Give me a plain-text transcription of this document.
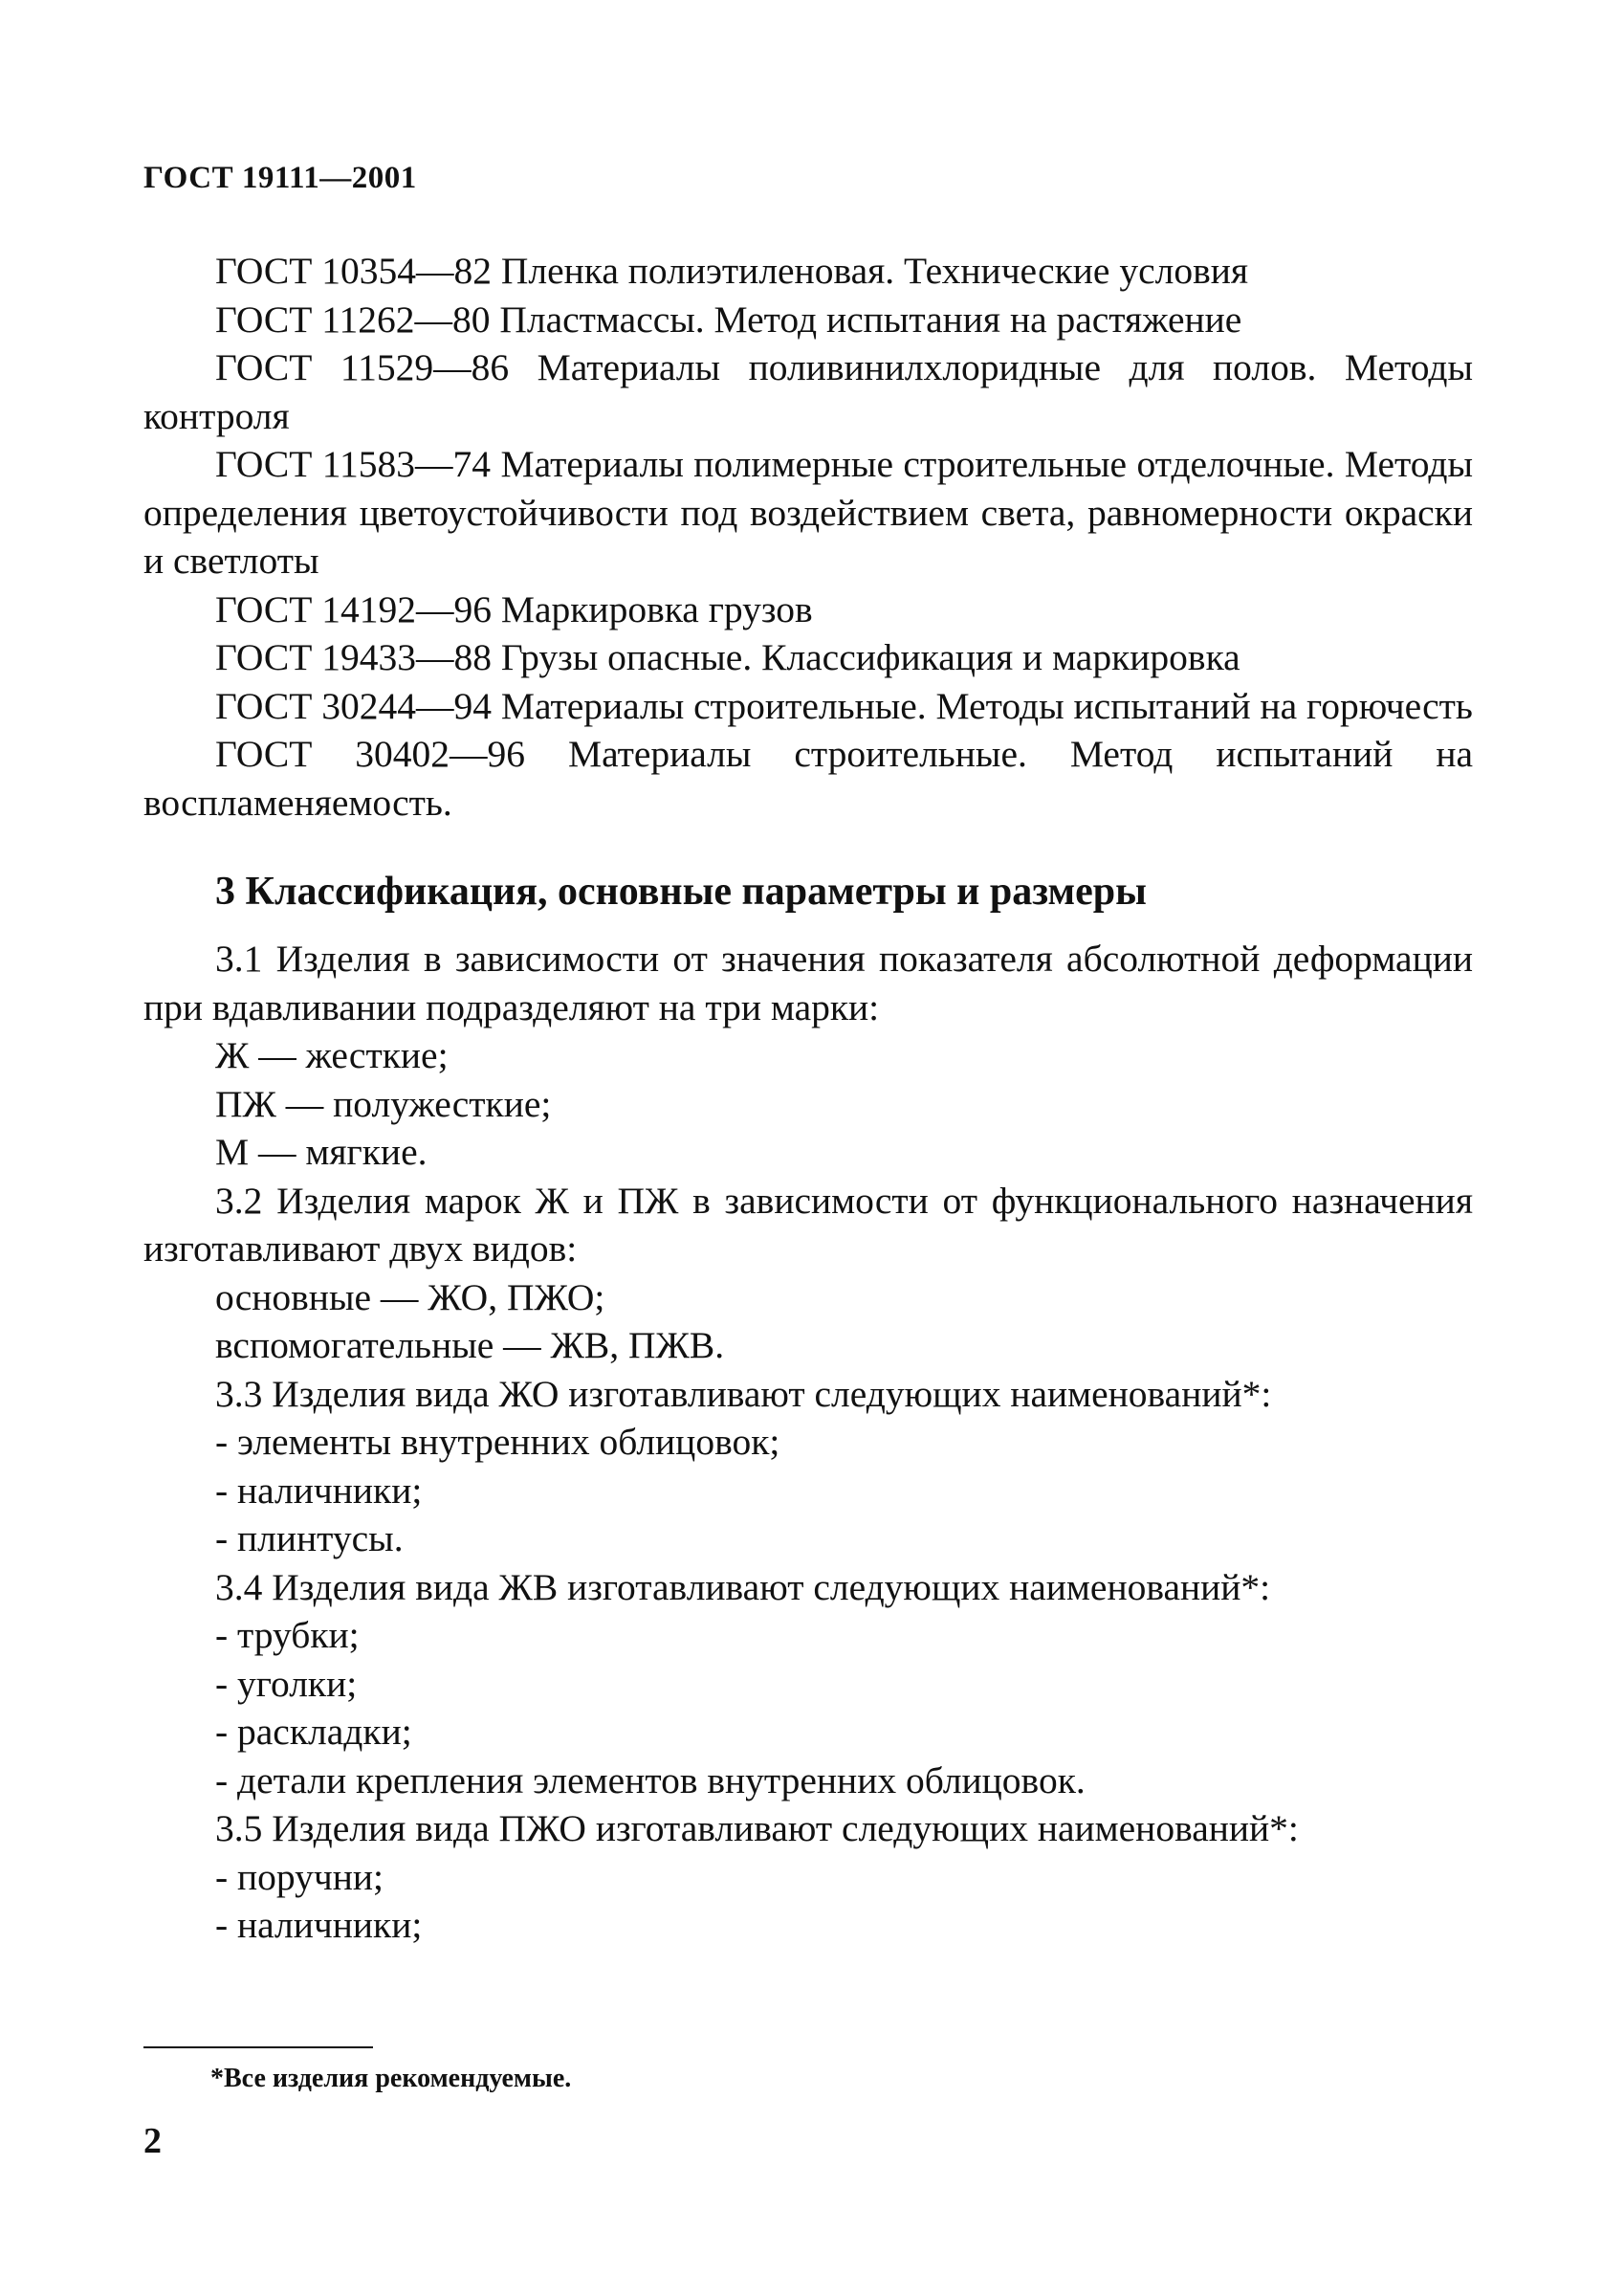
ГОСТ 19111—2001

ГОСТ 10354—82 Пленка полиэтиленовая. Технические условия

ГОСТ 11262—80 Пластмассы. Метод испытания на растяжение

ГОСТ 11529—86 Материалы поливинилхлоридные для полов. Методы контроля

ГОСТ 11583—74 Материалы полимерные строительные отделочные. Методы определения цветоустойчивости под воздействием света, равномерности окраски и светлоты

ГОСТ 14192—96 Маркировка грузов

ГОСТ 19433—88 Грузы опасные. Классификация и маркировка

ГОСТ 30244—94 Материалы строительные. Методы испытаний на горючесть

ГОСТ 30402—96 Материалы строительные. Метод испытаний на воспламеняемость.

3 Классификация, основные параметры и размеры

3.1 Изделия в зависимости от значения показателя абсолютной деформации при вдавливании подразделяют на три марки:

Ж — жесткие;

ПЖ — полужесткие;

М — мягкие.

3.2 Изделия марок Ж и ПЖ в зависимости от функционального назначения изготавливают двух видов:

основные — ЖО, ПЖО;

вспомогательные — ЖВ, ПЖВ.

3.3 Изделия вида ЖО изготавливают следующих наименований*:

- элементы внутренних облицовок;

- наличники;

- плинтусы.

3.4 Изделия вида ЖВ изготавливают следующих наименований*:

- трубки;

- уголки;

- раскладки;

- детали крепления элементов внутренних облицовок.

3.5 Изделия вида ПЖО изготавливают следующих наименований*:

- поручни;

- наличники;

*Все изделия рекомендуемые.
2
